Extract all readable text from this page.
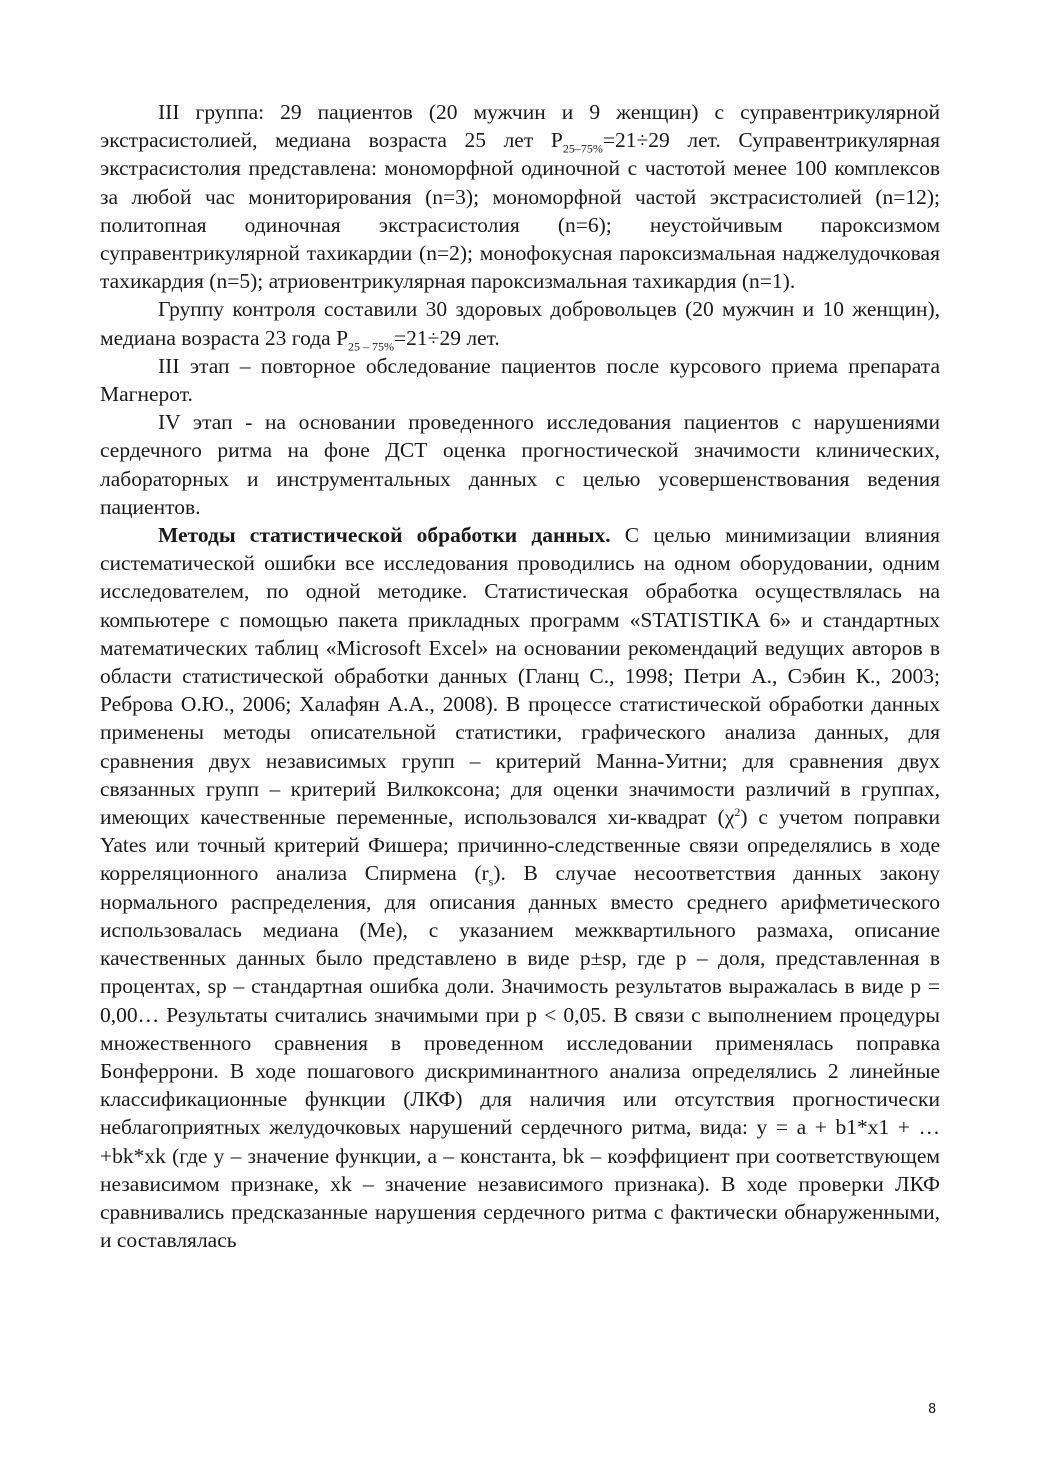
III группа: 29 пациентов (20 мужчин и 9 женщин) с суправентрикулярной экстрасистолией, медиана возраста 25 лет $P_{25-75\%}=21\div 29$ лет. Суправентрикулярная экстрасистолия представлена: мономорфной одиночной с частотой менее 100 комплексов за любой час мониторирования (n=3); мономорфной частой экстрасистолией (n=12); политопная одиночная экстрасистолия (n=6); неустойчивым пароксизмом суправентрикулярной тахикардии (n=2); монофокусная пароксизмальная наджелудочковая тахикардия (n=5); атриовентрикулярная пароксизмальная тахикардия (n=1).

Группу контроля составили 30 здоровых добровольцев (20 мужчин и 10 женщин), медиана возраста 23 года $P_{25 - 75\%}=21\div 29$ лет.

III этап – повторное обследование пациентов после курсового приема препарата Магнерот.

IV этап - на основании проведенного исследования пациентов с нарушениями сердечного ритма на фоне ДСТ оценка прогностической значимости клинических, лабораторных и инструментальных данных с целью усовершенствования ведения пациентов.

Методы статистической обработки данных. С целью минимизации влияния систематической ошибки все исследования проводились на одном оборудовании, одним исследователем, по одной методике. Статистическая обработка осуществлялась на компьютере с помощью пакета прикладных программ «STATISTIKA 6» и стандартных математических таблиц «Microsoft Excel» на основании рекомендаций ведущих авторов в области статистической обработки данных (Гланц С., 1998; Петри А., Сэбин К., 2003; Реброва О.Ю., 2006; Халафян А.А., 2008). В процессе статистической обработки данных применены методы описательной статистики, графического анализа данных, для сравнения двух независимых групп – критерий Манна-Уитни; для сравнения двух связанных групп – критерий Вилкоксона; для оценки значимости различий в группах, имеющих качественные переменные, использовался хи-квадрат $(\chi^2)$ с учетом поправки Yates или точный критерий Фишера; причинно-следственные связи определялись в ходе корреляционного анализа Спирмена $(r_s)$. В случае несоответствия данных закону нормального распределения, для описания данных вместо среднего арифметического использовалась медиана (Me), с указанием межквартильного размаха, описание качественных данных было представлено в виде p±sp, где p – доля, представленная в процентах, sp – стандартная ошибка доли. Значимость результатов выражалась в виде p = 0,00… Результаты считались значимыми при p < 0,05. В связи с выполнением процедуры множественного сравнения в проведенном исследовании применялась поправка Бонферрони. В ходе пошагового дискриминантного анализа определялись 2 линейные классификационные функции (ЛКФ) для наличия или отсутствия прогностически неблагоприятных желудочковых нарушений сердечного ритма, вида: y = a + b1*x1 + … +bk*xk (где y – значение функции, a – константа, bk – коэффициент при соответствующем независимом признаке, xk – значение независимого признака). В ходе проверки ЛКФ сравнивались предсказанные нарушения сердечного ритма с фактически обнаруженными, и составлялась

8
